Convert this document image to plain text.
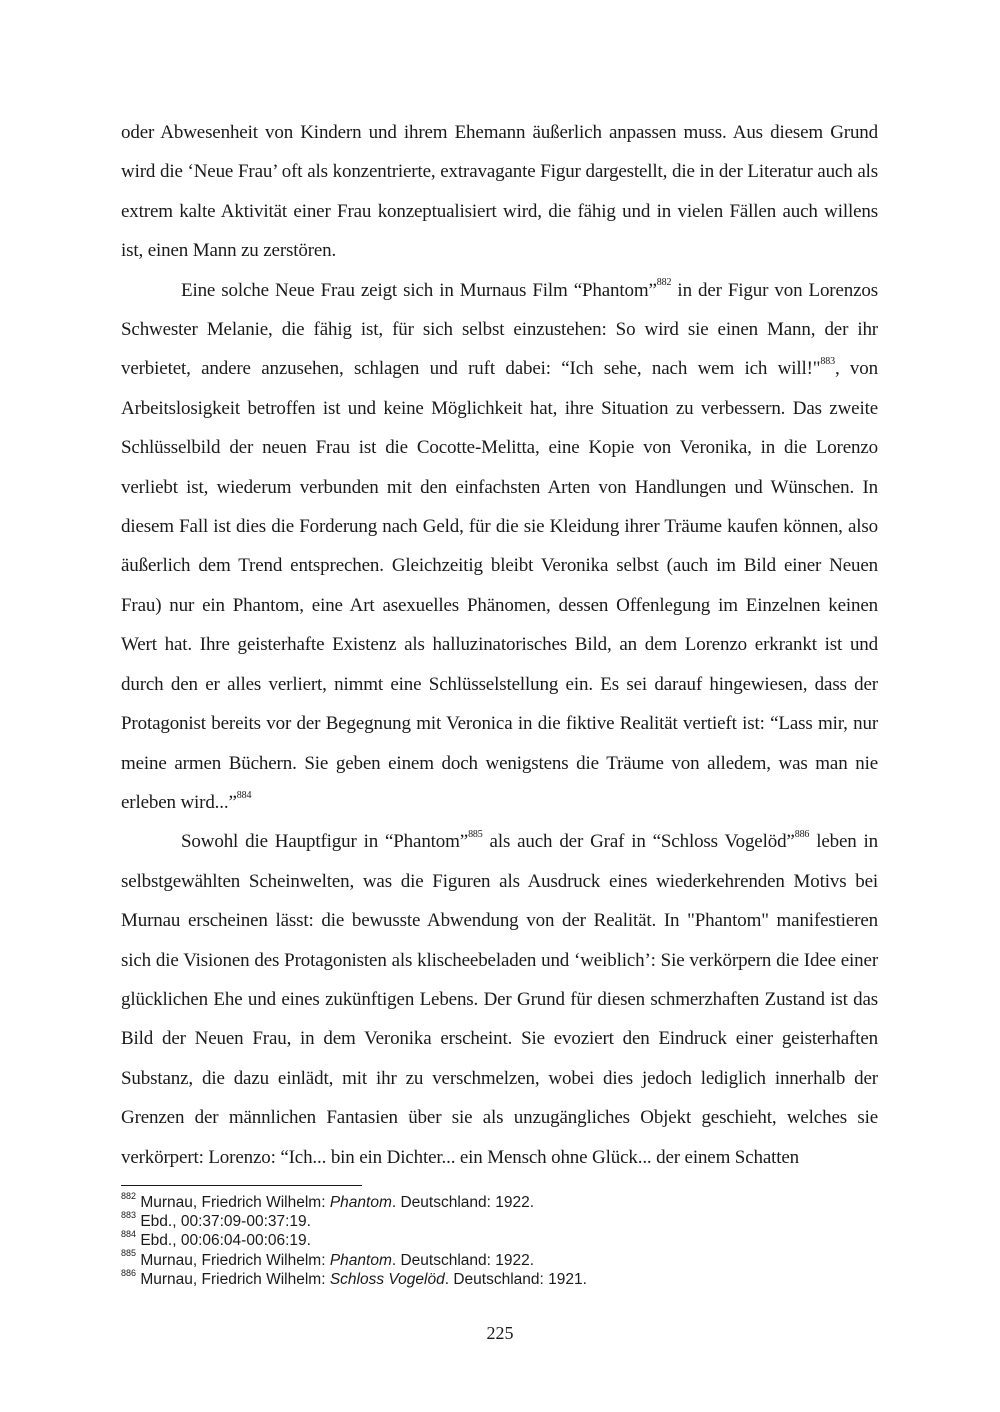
oder Abwesenheit von Kindern und ihrem Ehemann äußerlich anpassen muss. Aus diesem Grund wird die ‘Neue Frau’ oft als konzentrierte, extravagante Figur dargestellt, die in der Literatur auch als extrem kalte Aktivität einer Frau konzeptualisiert wird, die fähig und in vielen Fällen auch willens ist, einen Mann zu zerstören.

Eine solche Neue Frau zeigt sich in Murnaus Film “Phantom”$^{882}$ in der Figur von Lorenzos Schwester Melanie, die fähig ist, für sich selbst einzustehen: So wird sie einen Mann, der ihr verbietet, andere anzusehen, schlagen und ruft dabei: “Ich sehe, nach wem ich will!"$^{883}$, von Arbeitslosigkeit betroffen ist und keine Möglichkeit hat, ihre Situation zu verbessern. Das zweite Schlüsselbild der neuen Frau ist die Cocotte-Melitta, eine Kopie von Veronika, in die Lorenzo verliebt ist, wiederum verbunden mit den einfachsten Arten von Handlungen und Wünschen. In diesem Fall ist dies die Forderung nach Geld, für die sie Kleidung ihrer Träume kaufen können, also äußerlich dem Trend entsprechen. Gleichzeitig bleibt Veronika selbst (auch im Bild einer Neuen Frau) nur ein Phantom, eine Art asexuelles Phänomen, dessen Offenlegung im Einzelnen keinen Wert hat. Ihre geisterhafte Existenz als halluzinatorisches Bild, an dem Lorenzo erkrankt ist und durch den er alles verliert, nimmt eine Schlüsselstellung ein. Es sei darauf hingewiesen, dass der Protagonist bereits vor der Begegnung mit Veronica in die fiktive Realität vertieft ist: “Lass mir, nur meine armen Büchern. Sie geben einem doch wenigstens die Träume von alledem, was man nie erleben wird...”$^{884}$

Sowohl die Hauptfigur in “Phantom”$^{885}$ als auch der Graf in “Schloss Vogelöd”$^{886}$ leben in selbstgewählten Scheinwelten, was die Figuren als Ausdruck eines wiederkehrenden Motivs bei Murnau erscheinen lässt: die bewusste Abwendung von der Realität. In "Phantom" manifestieren sich die Visionen des Protagonisten als klischeebeladen und ‘weiblich’: Sie verkörpern die Idee einer glücklichen Ehe und eines zukünftigen Lebens. Der Grund für diesen schmerzhaften Zustand ist das Bild der Neuen Frau, in dem Veronika erscheint. Sie evoziert den Eindruck einer geisterhaften Substanz, die dazu einlädt, mit ihr zu verschmelzen, wobei dies jedoch lediglich innerhalb der Grenzen der männlichen Fantasien über sie als unzugängliches Objekt geschieht, welches sie verkörpert: Lorenzo: “Ich... bin ein Dichter... ein Mensch ohne Glück... der einem Schatten

$^{882}$ Murnau, Friedrich Wilhelm: Phantom. Deutschland: 1922.
$^{883}$ Ebd., 00:37:09-00:37:19.
$^{884}$ Ebd., 00:06:04-00:06:19.
$^{885}$ Murnau, Friedrich Wilhelm: Phantom. Deutschland: 1922.
$^{886}$ Murnau, Friedrich Wilhelm: Schloss Vogelöd. Deutschland: 1921.
225
